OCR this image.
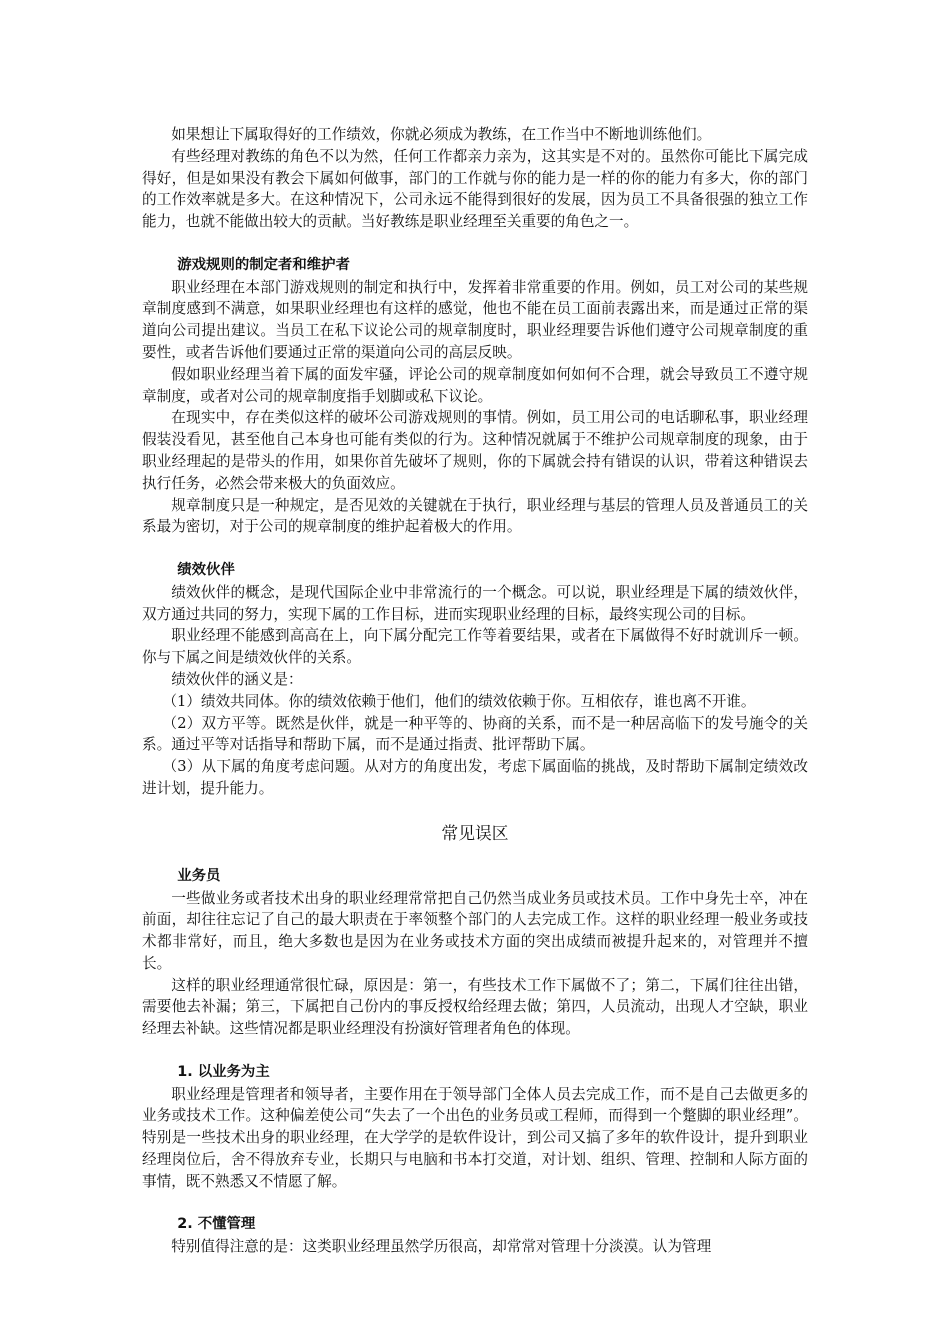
如果想让下属取得好的工作绩效，你就必须成为教练，在工作当中不断地训练他们。

有些经理对教练的角色不以为然，任何工作都亲力亲为，这其实是不对的。虽然你可能比下属完成得好，但是如果没有教会下属如何做事，部门的工作就与你的能力是一样的你的能力有多大，你的部门的工作效率就是多大。在这种情况下，公司永远不能得到很好的发展，因为员工不具备很强的独立工作能力，也就不能做出较大的贡献。当好教练是职业经理至关重要的角色之一。

游戏规则的制定者和维护者

职业经理在本部门游戏规则的制定和执行中，发挥着非常重要的作用。例如，员工对公司的某些规章制度感到不满意，如果职业经理也有这样的感觉，他也不能在员工面前表露出来，而是通过正常的渠道向公司提出建议。当员工在私下议论公司的规章制度时，职业经理要告诉他们遵守公司规章制度的重要性，或者告诉他们要通过正常的渠道向公司的高层反映。

假如职业经理当着下属的面发牢骚，评论公司的规章制度如何如何不合理，就会导致员工不遵守规章制度，或者对公司的规章制度指手划脚或私下议论。

在现实中，存在类似这样的破坏公司游戏规则的事情。例如，员工用公司的电话聊私事，职业经理假装没看见，甚至他自己本身也可能有类似的行为。这种情况就属于不维护公司规章制度的现象，由于职业经理起的是带头的作用，如果你首先破坏了规则，你的下属就会持有错误的认识，带着这种错误去执行任务，必然会带来极大的负面效应。

规章制度只是一种规定，是否见效的关键就在于执行，职业经理与基层的管理人员及普通员工的关系最为密切，对于公司的规章制度的维护起着极大的作用。

绩效伙伴

绩效伙伴的概念，是现代国际企业中非常流行的一个概念。可以说，职业经理是下属的绩效伙伴，双方通过共同的努力，实现下属的工作目标，进而实现职业经理的目标，最终实现公司的目标。

职业经理不能感到高高在上，向下属分配完工作等着要结果，或者在下属做得不好时就训斥一顿。你与下属之间是绩效伙伴的关系。

绩效伙伴的涵义是：

（1）绩效共同体。你的绩效依赖于他们，他们的绩效依赖于你。互相依存，谁也离不开谁。

（2）双方平等。既然是伙伴，就是一种平等的、协商的关系，而不是一种居高临下的发号施令的关系。通过平等对话指导和帮助下属，而不是通过指责、批评帮助下属。

（3）从下属的角度考虑问题。从对方的角度出发，考虑下属面临的挑战，及时帮助下属制定绩效改进计划，提升能力。

常见误区
业务员

一些做业务或者技术出身的职业经理常常把自己仍然当成业务员或技术员。工作中身先士卒，冲在前面，却往往忘记了自己的最大职责在于率领整个部门的人去完成工作。这样的职业经理一般业务或技术都非常好，而且，绝大多数也是因为在业务或技术方面的突出成绩而被提升起来的，对管理并不擅长。

这样的职业经理通常很忙碌，原因是：第一，有些技术工作下属做不了；第二，下属们往往出错，需要他去补漏；第三，下属把自己份内的事反授权给经理去做；第四，人员流动，出现人才空缺，职业经理去补缺。这些情况都是职业经理没有扮演好管理者角色的体现。

1. 以业务为主

职业经理是管理者和领导者，主要作用在于领导部门全体人员去完成工作，而不是自己去做更多的业务或技术工作。这种偏差使公司“失去了一个出色的业务员或工程师，而得到一个蹩脚的职业经理”。特别是一些技术出身的职业经理，在大学学的是软件设计，到公司又搞了多年的软件设计，提升到职业经理岗位后，舍不得放弃专业，长期只与电脑和书本打交道，对计划、组织、管理、控制和人际方面的事情，既不熟悉又不情愿了解。

2. 不懂管理

特别值得注意的是：这类职业经理虽然学历很高，却常常对管理十分淡漠。认为管理
